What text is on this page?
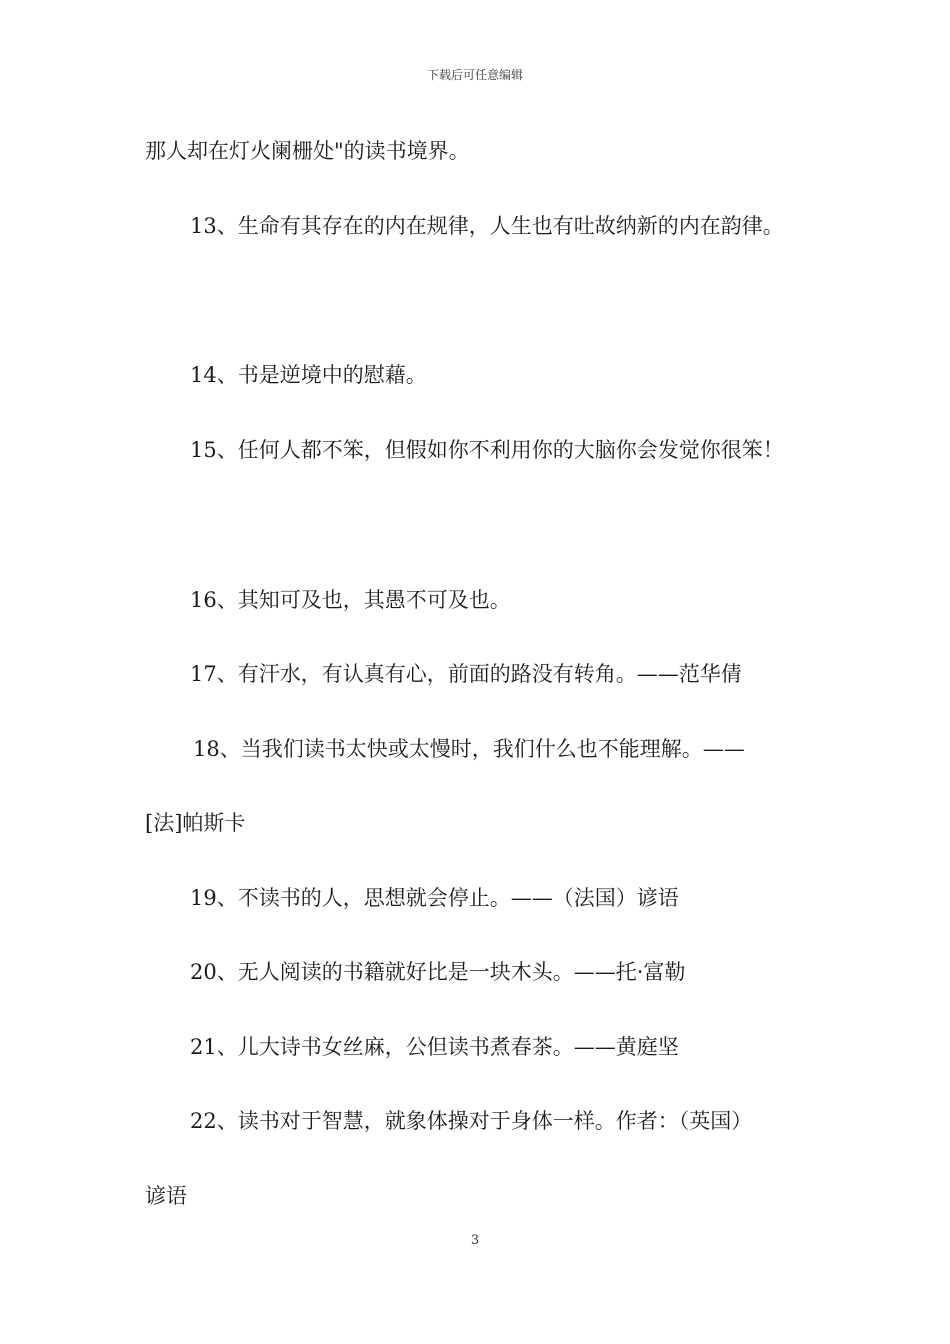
下载后可任意编辑
那人却在灯火阑栅处"的读书境界。
13、生命有其存在的内在规律，人生也有吐故纳新的内在韵律。
14、书是逆境中的慰藉。
15、任何人都不笨，但假如你不利用你的大脑你会发觉你很笨！
16、其知可及也，其愚不可及也。
17、有汗水，有认真有心，前面的路没有转角。——范华倩
18、当我们读书太快或太慢时，我们什么也不能理解。——
[法]帕斯卡
19、不读书的人，思想就会停止。——（法国）谚语
20、无人阅读的书籍就好比是一块木头。——托·富勒
21、儿大诗书女丝麻，公但读书煮春茶。——黄庭坚
22、读书对于智慧，就象体操对于身体一样。作者：（英国）
谚语
3
